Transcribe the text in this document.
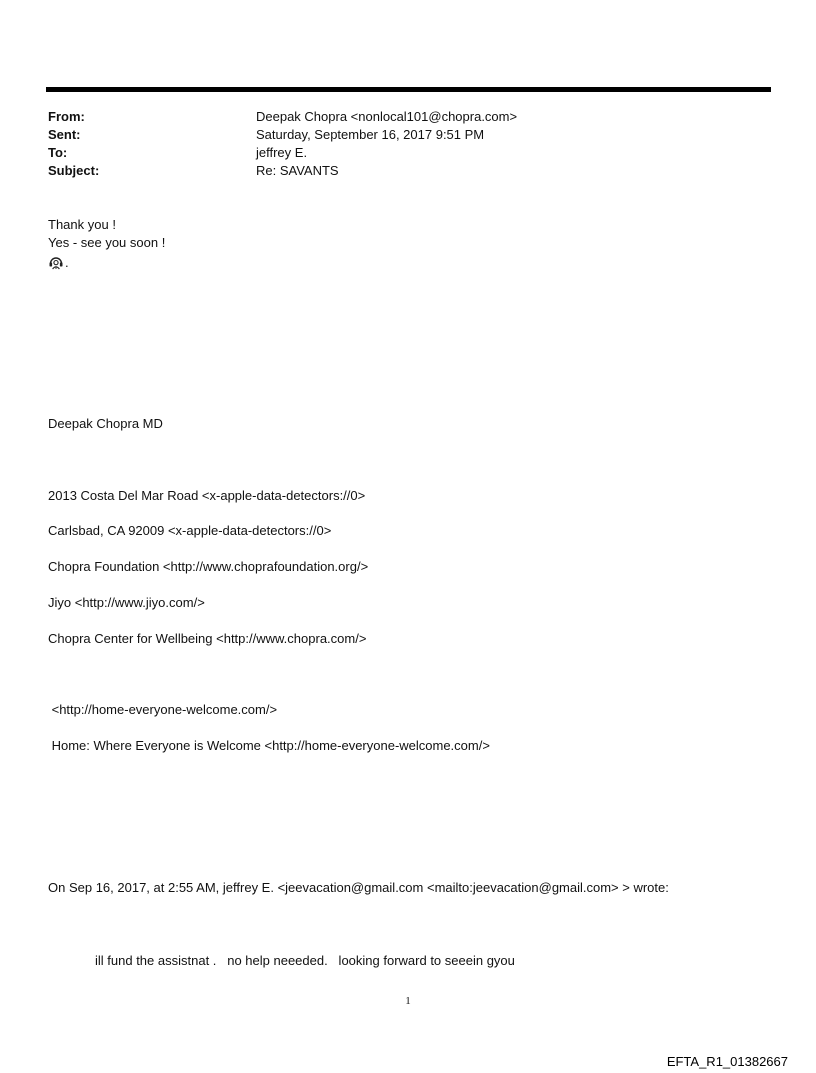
From:	Deepak Chopra <nonlocal101@chopra.com>
Sent:	Saturday, September 16, 2017 9:51 PM
To:	jeffrey E.
Subject:	Re: SAVANTS
Thank you !
Yes - see you soon !
.
Deepak Chopra MD
2013 Costa Del Mar Road <x-apple-data-detectors://0>
Carlsbad, CA 92009 <x-apple-data-detectors://0>
Chopra Foundation <http://www.choprafoundation.org/>
Jiyo <http://www.jiyo.com/>
Chopra Center for Wellbeing <http://www.chopra.com/>
<http://home-everyone-welcome.com/>
Home: Where Everyone is Welcome <http://home-everyone-welcome.com/>
On Sep 16, 2017, at 2:55 AM, jeffrey E. <jeevacation@gmail.com <mailto:jeevacation@gmail.com> > wrote:
ill fund the assistnat .   no help neeeded.   looking forward to seeein gyou
1
EFTA_R1_01382667
